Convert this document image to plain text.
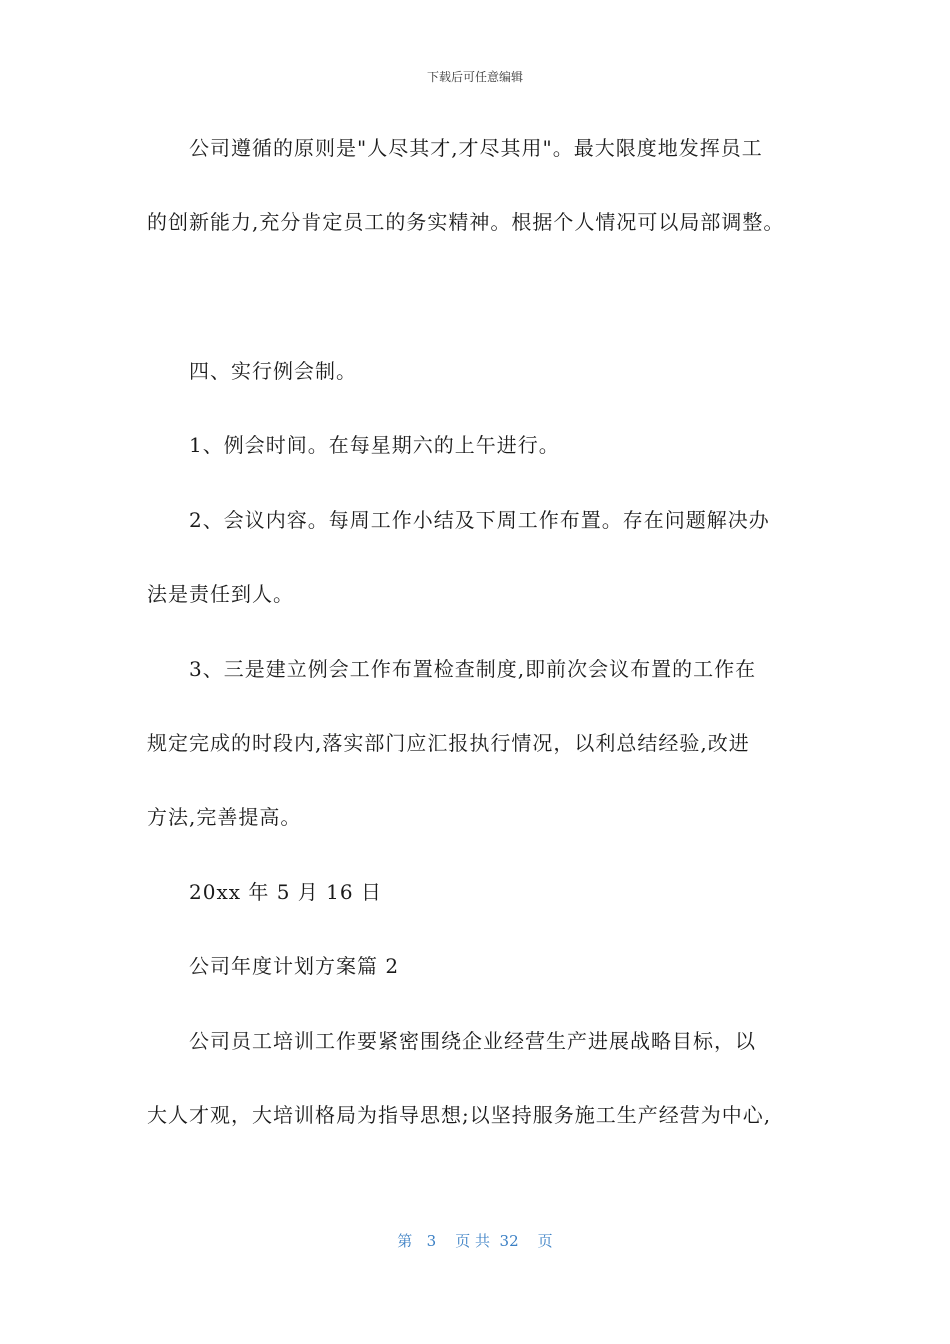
下载后可任意编辑
公司遵循的原则是"人尽其才,才尽其用"。最大限度地发挥员工
的创新能力,充分肯定员工的务实精神。根据个人情况可以局部调整。
四、实行例会制。
1、例会时间。在每星期六的上午进行。
2、会议内容。每周工作小结及下周工作布置。存在问题解决办
法是责任到人。
3、三是建立例会工作布置检查制度,即前次会议布置的工作在
规定完成的时段内,落实部门应汇报执行情况，以利总结经验,改进
方法,完善提高。
20xx 年 5 月 16 日
公司年度计划方案篇 2
公司员工培训工作要紧密围绕企业经营生产进展战略目标，以
大人才观，大培训格局为指导思想;以坚持服务施工生产经营为中心,
第   3    页 共  32    页
